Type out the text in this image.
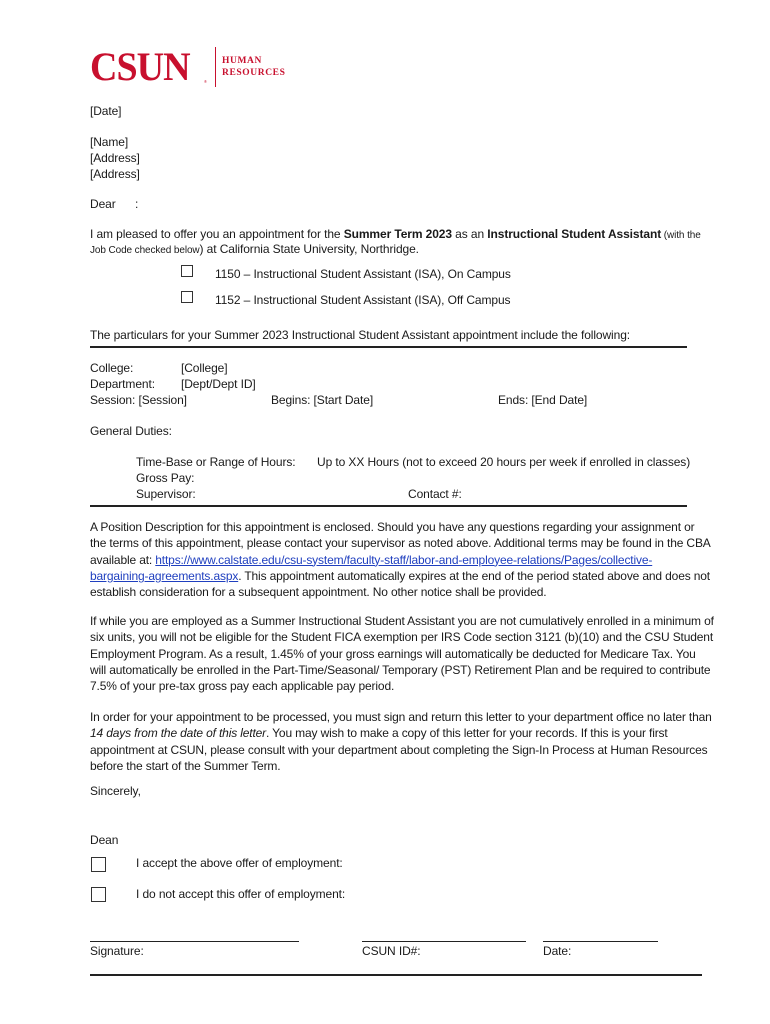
CSUN	®
HUMAN
RESOURCES
[Date]
[Name]
[Address]
[Address]
Dear      :
I am pleased to offer you an appointment for the Summer Term 2023 as an Instructional Student Assistant (with the
Job Code checked below) at California State University, Northridge.
1150 – Instructional Student Assistant (ISA), On Campus
1152 – Instructional Student Assistant (ISA), Off Campus
The particulars for your Summer 2023 Instructional Student Assistant appointment include the following:
College:	[College]
Department: [Dept/Dept ID]
Session: [Session]	Begins: [Start Date]	Ends: [End Date]
General Duties:
Time-Base or Range of Hours: Up to XX Hours (not to exceed 20 hours per week if enrolled in classes)
Gross Pay:
Supervisor:	Contact #:
A Position Description for this appointment is enclosed. Should you have any questions regarding your assignment or
the terms of this appointment, please contact your supervisor as noted above. Additional terms may be found in the CBA
available at: https://www.calstate.edu/csu-system/faculty-staff/labor-and-employee-relations/Pages/collective-
bargaining-agreements.aspx. This appointment automatically expires at the end of the period stated above and does not
establish consideration for a subsequent appointment. No other notice shall be provided.
If while you are employed as a Summer Instructional Student Assistant you are not cumulatively enrolled in a minimum of
six units, you will not be eligible for the Student FICA exemption per IRS Code section 3121 (b)(10) and the CSU Student
Employment Program. As a result, 1.45% of your gross earnings will automatically be deducted for Medicare Tax. You
will automatically be enrolled in the Part-Time/Seasonal/ Temporary (PST) Retirement Plan and be required to contribute
7.5% of your pre-tax gross pay each applicable pay period.
In order for your appointment to be processed, you must sign and return this letter to your department office no later than
14 days from the date of this letter. You may wish to make a copy of this letter for your records. If this is your first
appointment at CSUN, please consult with your department about completing the Sign-In Process at Human Resources
before the start of the Summer Term.
Sincerely,
Dean
I accept the above offer of employment:
I do not accept this offer of employment:
Signature:	CSUN ID#:	Date:
